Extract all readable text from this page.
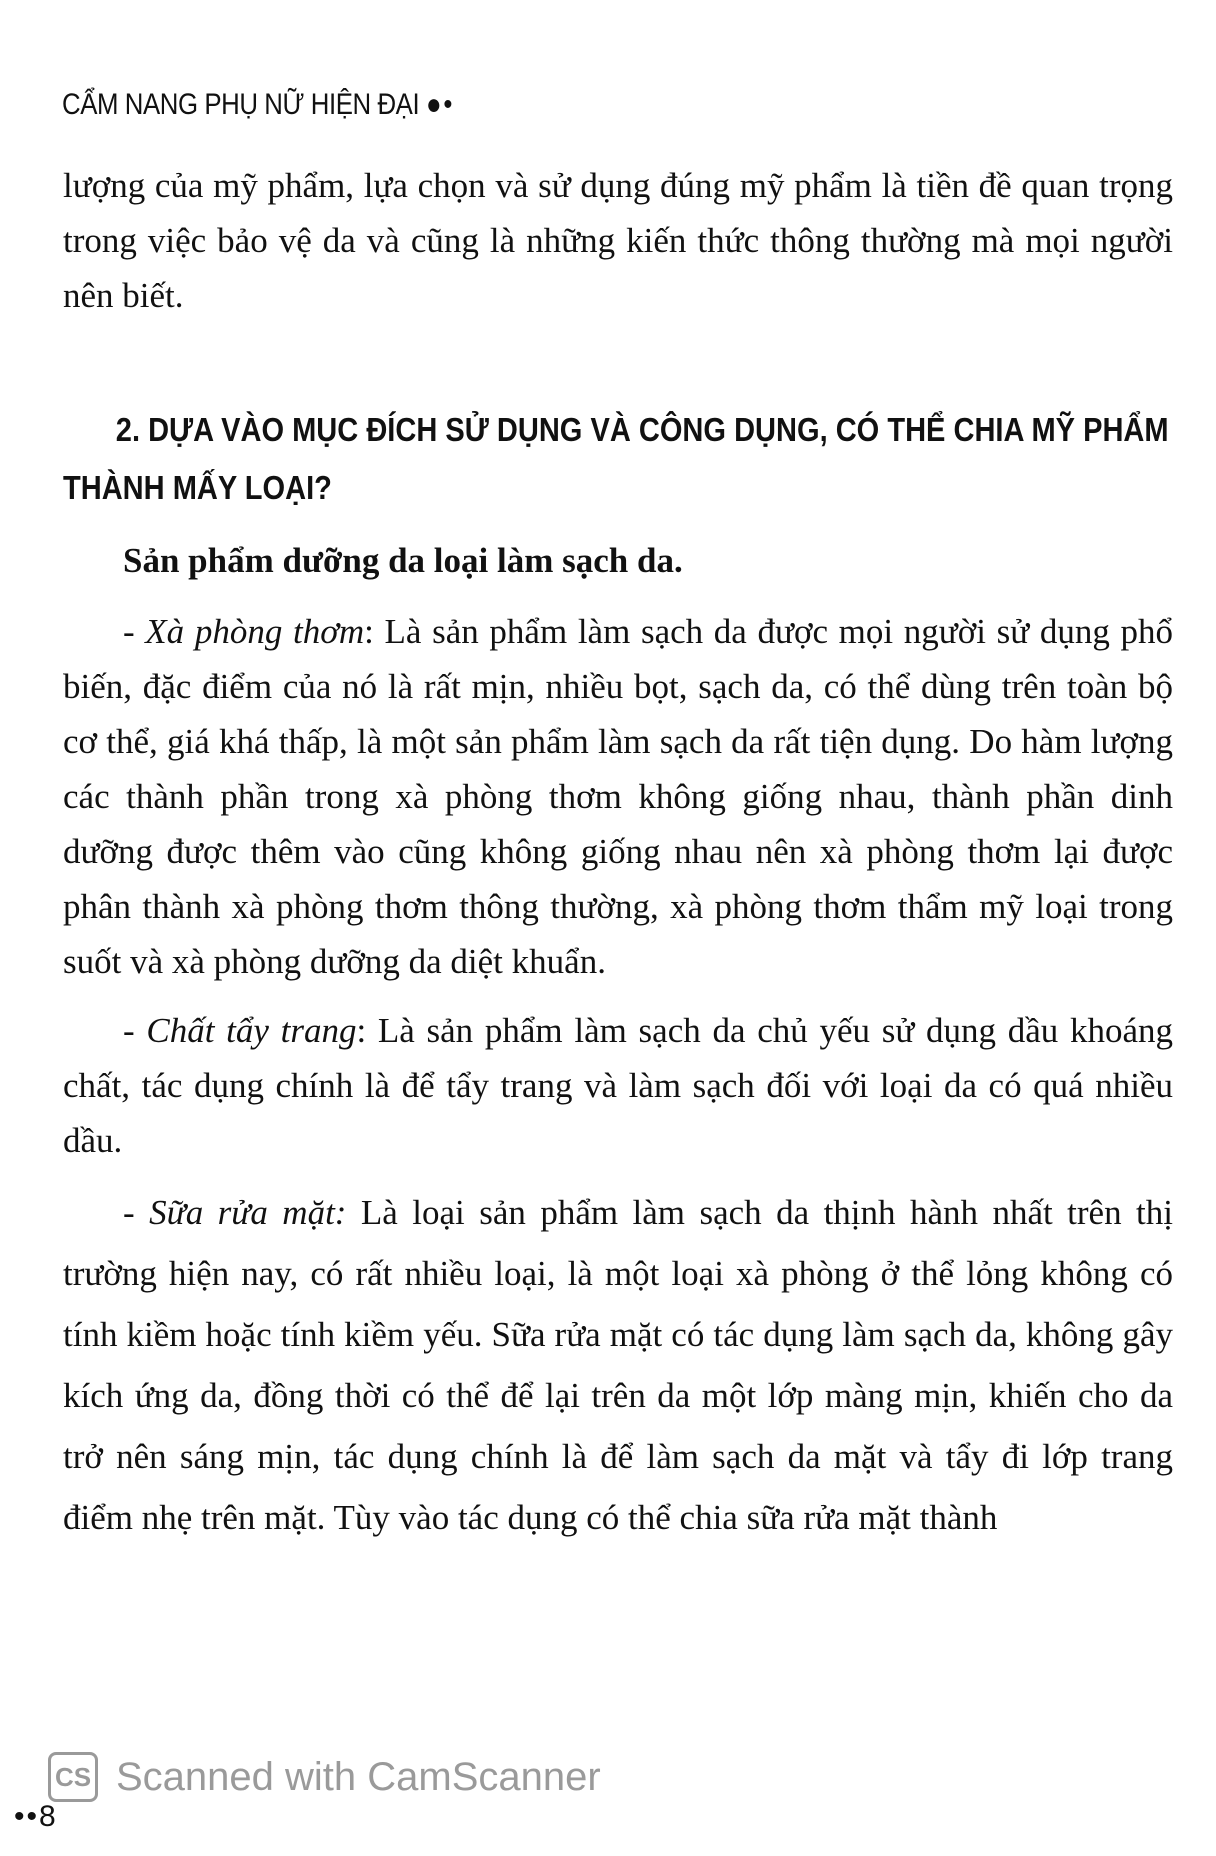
CẨM NANG PHỤ NỮ HIỆN ĐẠI ●•

lượng của mỹ phẩm, lựa chọn và sử dụng đúng mỹ phẩm là tiền đề quan trọng trong việc bảo vệ da và cũng là những kiến thức thông thường mà mọi người nên biết.

2. DỰA VÀO MỤC ĐÍCH SỬ DỤNG VÀ CÔNG DỤNG, CÓ THỂ CHIA MỸ PHẨM THÀNH MẤY LOẠI?

Sản phẩm dưỡng da loại làm sạch da.

- Xà phòng thơm: Là sản phẩm làm sạch da được mọi người sử dụng phổ biến, đặc điểm của nó là rất mịn, nhiều bọt, sạch da, có thể dùng trên toàn bộ cơ thể, giá khá thấp, là một sản phẩm làm sạch da rất tiện dụng. Do hàm lượng các thành phần trong xà phòng thơm không giống nhau, thành phần dinh dưỡng được thêm vào cũng không giống nhau nên xà phòng thơm lại được phân thành xà phòng thơm thông thường, xà phòng thơm thẩm mỹ loại trong suốt và xà phòng dưỡng da diệt khuẩn.

- Chất tẩy trang: Là sản phẩm làm sạch da chủ yếu sử dụng dầu khoáng chất, tác dụng chính là để tẩy trang và làm sạch đối với loại da có quá nhiều dầu.

- Sữa rửa mặt: Là loại sản phẩm làm sạch da thịnh hành nhất trên thị trường hiện nay, có rất nhiều loại, là một loại xà phòng ở thể lỏng không có tính kiềm hoặc tính kiềm yếu. Sữa rửa mặt có tác dụng làm sạch da, không gây kích ứng da, đồng thời có thể để lại trên da một lớp màng mịn, khiến cho da trở nên sáng mịn, tác dụng chính là để làm sạch da mặt và tẩy đi lớp trang điểm nhẹ trên mặt. Tùy vào tác dụng có thể chia sữa rửa mặt thành

CS Scanned with CamScanner
••8
